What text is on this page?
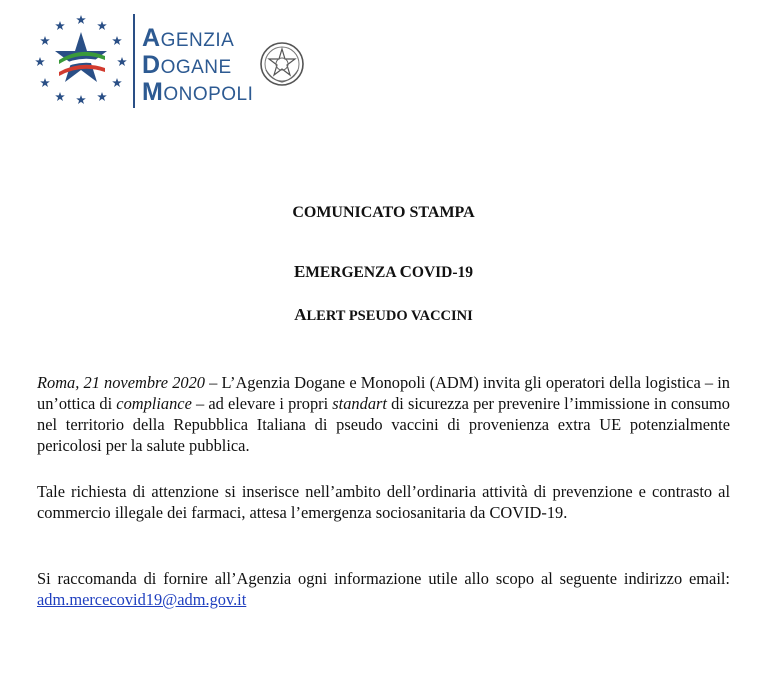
AGENZIA
DOGANE
MONOPOLI
COMUNICATO STAMPA
EMERGENZA COVID-19
ALERT PSEUDO VACCINI
Roma, 21 novembre 2020 – L’Agenzia Dogane e Monopoli (ADM) invita gli operatori della logistica – in un’ottica di compliance – ad elevare i propri standart di sicurezza per prevenire l’immissione in consumo nel territorio della Repubblica Italiana di pseudo vaccini di provenienza extra UE potenzialmente pericolosi per la salute pubblica.
Tale richiesta di attenzione si inserisce nell’ambito dell’ordinaria attività di prevenzione e contrasto al commercio illegale dei farmaci, attesa l’emergenza sociosanitaria da COVID-19.
Si raccomanda di fornire all’Agenzia ogni informazione utile allo scopo al seguente indirizzo email: adm.mercecovid19@adm.gov.it
